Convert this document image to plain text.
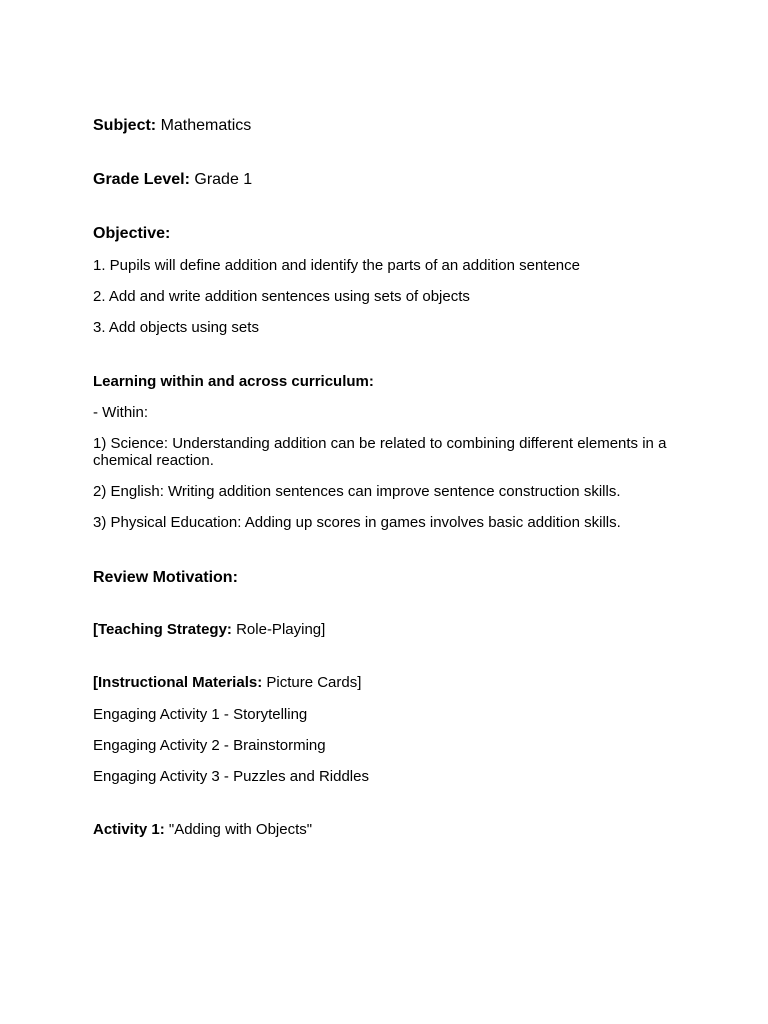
Subject: Mathematics

Grade Level: Grade 1

Objective:

1. Pupils will define addition and identify the parts of an addition sentence

2. Add and write addition sentences using sets of objects

3. Add objects using sets

Learning within and across curriculum:

- Within:

1) Science: Understanding addition can be related to combining different elements in a chemical reaction.

2) English: Writing addition sentences can improve sentence construction skills.

3) Physical Education: Adding up scores in games involves basic addition skills.

Review Motivation:

[Teaching Strategy: Role-Playing]

[Instructional Materials: Picture Cards]

Engaging Activity 1 - Storytelling

Engaging Activity 2 - Brainstorming

Engaging Activity 3 - Puzzles and Riddles

Activity 1: "Adding with Objects"
